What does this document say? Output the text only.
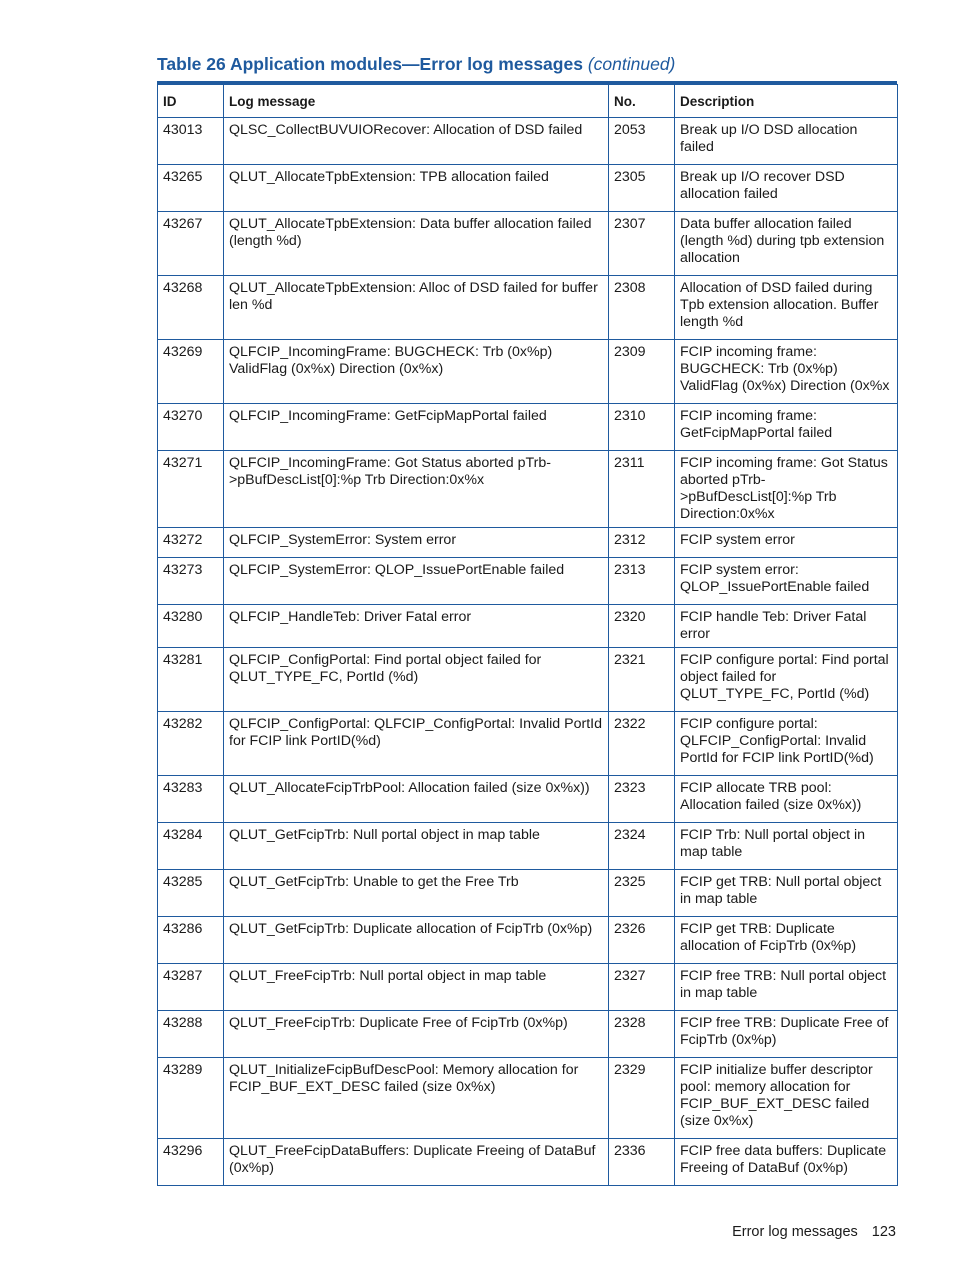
Table 26 Application modules—Error log messages (continued)
ID	Log message	No.	Description
43013	QLSC_CollectBUVUIORecover: Allocation of DSD failed	2053	Break up I/O DSD allocation failed
43265	QLUT_AllocateTpbExtension: TPB allocation failed	2305	Break up I/O recover DSD allocation failed
43267	QLUT_AllocateTpbExtension: Data buffer allocation failed (length %d)	2307	Data buffer allocation failed (length %d) during tpb extension allocation
43268	QLUT_AllocateTpbExtension: Alloc of DSD failed for buffer len %d	2308	Allocation of DSD failed during Tpb extension allocation. Buffer length %d
43269	QLFCIP_IncomingFrame: BUGCHECK: Trb (0x%p) ValidFlag (0x%x) Direction (0x%x)	2309	FCIP incoming frame: BUGCHECK: Trb (0x%p) ValidFlag (0x%x) Direction (0x%x
43270	QLFCIP_IncomingFrame: GetFcipMapPortal failed	2310	FCIP incoming frame: GetFcipMapPortal failed
43271	QLFCIP_IncomingFrame: Got Status aborted pTrb->pBufDescList[0]:%p Trb Direction:0x%x	2311	FCIP incoming frame: Got Status aborted pTrb->pBufDescList[0]:%p Trb Direction:0x%x
43272	QLFCIP_SystemError: System error	2312	FCIP system error
43273	QLFCIP_SystemError: QLOP_IssuePortEnable failed	2313	FCIP system error: QLOP_IssuePortEnable failed
43280	QLFCIP_HandleTeb: Driver Fatal error	2320	FCIP handle Teb: Driver Fatal error
43281	QLFCIP_ConfigPortal: Find portal object failed for QLUT_TYPE_FC, PortId (%d)	2321	FCIP configure portal: Find portal object failed for QLUT_TYPE_FC, PortId (%d)
43282	QLFCIP_ConfigPortal: QLFCIP_ConfigPortal: Invalid PortId for FCIP link PortID(%d)	2322	FCIP configure portal: QLFCIP_ConfigPortal: Invalid PortId for FCIP link PortID(%d)
43283	QLUT_AllocateFcipTrbPool: Allocation failed (size 0x%x))	2323	FCIP allocate TRB pool: Allocation failed (size 0x%x))
43284	QLUT_GetFcipTrb: Null portal object in map table	2324	FCIP Trb: Null portal object in map table
43285	QLUT_GetFcipTrb: Unable to get the Free Trb	2325	FCIP get TRB: Null portal object in map table
43286	QLUT_GetFcipTrb: Duplicate allocation of FcipTrb (0x%p)	2326	FCIP get TRB: Duplicate allocation of FcipTrb (0x%p)
43287	QLUT_FreeFcipTrb: Null portal object in map table	2327	FCIP free TRB: Null portal object in map table
43288	QLUT_FreeFcipTrb: Duplicate Free of FcipTrb (0x%p)	2328	FCIP free TRB: Duplicate Free of FcipTrb (0x%p)
43289	QLUT_InitializeFcipBufDescPool: Memory allocation for FCIP_BUF_EXT_DESC failed (size 0x%x)	2329	FCIP initialize buffer descriptor pool: memory allocation for FCIP_BUF_EXT_DESC failed (size 0x%x)
43296	QLUT_FreeFcipDataBuffers: Duplicate Freeing of DataBuf (0x%p)	2336	FCIP free data buffers: Duplicate Freeing of DataBuf (0x%p)
Error log messages 123
